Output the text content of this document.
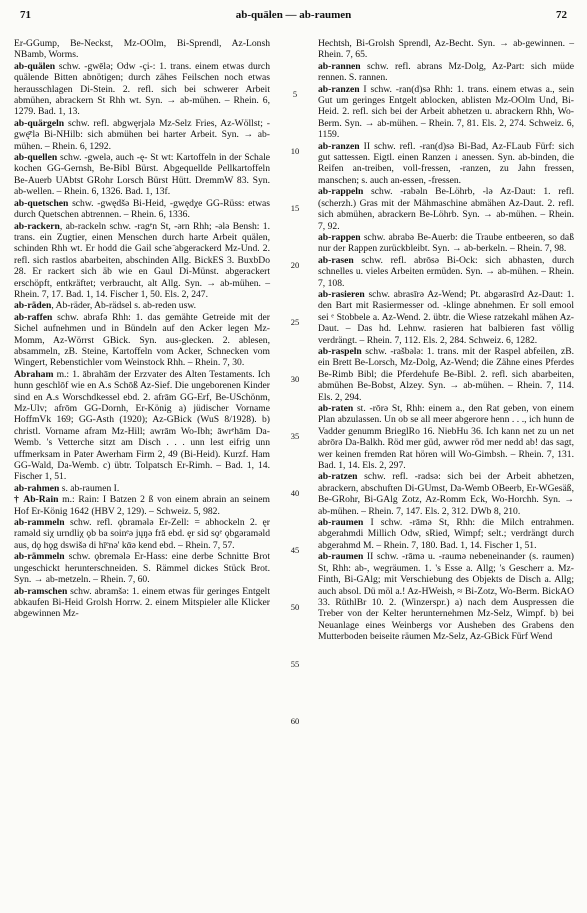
71	ab-quälen — ab-raumen	72

Er-GGump, Be-Neckst, Mz-OOlm, Bi-Sprendl, Az-Lonsh NBamb, Worms.

ab-quälen schw. -gwēlə; Odw -çi-: 1. trans. einem etwas durch quälende Bitten abnötigen; durch zähes Feilschen noch etwas herausschlagen Di-Stein. 2. refl. sich bei schwerer Arbeit abmühen, abrackern St Rhh wt. Syn. → ab-mühen. – Rhein. 6, 1279. Bad. 1, 13.

ab-quärgeln schw. refl. abgwęrjəlǝ Mz-Selz Fries, Az-Wöllst; -gwę̄ᵉlǝ Bi-NHilb: sich abmühen bei harter Arbeit. Syn. → ab-mühen. – Rhein. 6, 1292.

ab-quellen schw. -gwelǝ, auch -ę- St wt: Kartoffeln in der Schale kochen GG-Gernsh, Be-Bibl Bürst. Abgequellde Pellkartoffeln Be-Auerb UAbtst GRohr Lorsch Bürst Hütt. DremmW 83. Syn. ab-wellen. – Rhein. 6, 1326. Bad. 1, 13f.

ab-quetschen schw. -gwędšǝ Bi-Heid, -gwędχe GG-Rüss: etwas durch Quetschen abtrennen. – Rhein. 6, 1336.

ab-rackern, ab-rackeln schw. -ragᵉn St, -ǝrn Rhh; -ǝlǝ Bensh: 1. trans. ein Zugtier, einen Menschen durch harte Arbeit quälen, schinden Rhh wt. Er hodd die Gail sche ̈abgerackerd Mz-Und. 2. refl. sich rastlos abarbeiten, abschinden Allg. BickES 3. BuxbDo 28. Er rackert sich äb wie en Gaul Di-Münst. abgerackert erschöpft, entkräftet; verbraucht, alt Allg. Syn. → ab-mühen. – Rhein. 7, 17. Bad. 1, 14. Fischer 1, 50. Els. 2, 247.

ab-räden, Ab-räder, Ab-rädsel s. ab-reden usw.

ab-raffen schw. abrafǝ Rhh: 1. das gemähte Getreide mit der Sichel aufnehmen und in Bündeln auf den Acker legen Mz-Momm, Az-Wörrst GBick. Syn. aus-glecken. 2. ablesen, absammeln, zB. Steine, Kartoffeln vom Acker, Schnecken vom Wingert, Rebenstichler vom Weinstock Rhh. – Rhein. 7, 30.

Abraham m.: 1. ābrahām der Erzvater des Alten Testaments. Ich hunn geschlōf wie en A.s Schōß Az-Sief. Die ungeborenen Kinder sind en A.s Worschdkessel ebd. 2. afrām GG-Erf, Be-USchönm, Mz-Ulv; afrōm GG-Dornh, Er-König a) jüdischer Vorname HoffmVk 169; GG-Asth (1920); Az-GBick (WuS 8/1928). b) christl. Vorname afram Mz-Hill; awrām Wo-Ibh; āwrᵉhām Da-Wemb. 's Vetterche sitzt am Disch . . . unn lest eifrig unn uffmerksam in Pater Awerham Firm 2, 49 (Bi-Heid). Kurzf. Ham GG-Wald, Da-Wemb. c) übtr. Tolpatsch Er-Rimh. – Bad. 1, 14. Fischer 1, 51.

ab-rahmen s. ab-raumen I.

† Ab-Rain m.: Rain: I Batzen 2 ß von einem abrain an seinem Hof Er-König 1642 (HBV 2, 129). – Schweiz. 5, 982.

ab-rammeln schw. refl. ǫbramǝlǝ Er-Zell: = abhockeln 2. ęr ramǝld siχ urndliχ ǫb ba soinᵉǝ jųŋǝ frā ebd. ęr sid sǫᵉ ǫbgǝramǝld aus, dǫ hǫg dswišǝ di hīᵉnǝ' kᾱǝ kend ebd. – Rhein. 7, 57.

ab-rämmeln schw. ǫbremǝlǝ Er-Hass: eine derbe Schnitte Brot ungeschickt herunterschneiden. S. Rämmel dickes Stück Brot. Syn. → ab-metzeln. – Rhein. 7, 60.

ab-ramschen schw. abramšǝ: 1. einem etwas für geringes Entgelt abkaufen Bi-Heid Grolsh Horrw. 2. einem Mitspieler alle Klicker abgewinnen Mz-

5
10
15
20
25
30
35
40
45
50
55
60

Hechtsh, Bi-Grolsh Sprendl, Az-Becht. Syn. → ab-gewinnen. – Rhein. 7, 65.

ab-rannen schw. refl. abrans Mz-Dolg, Az-Part: sich müde rennen. S. rannen.

ab-ranzen I schw. -ran(d)sǝ Rhh: 1. trans. einem etwas a., sein Gut um geringes Entgelt ablocken, ablisten Mz-OOlm Und, Bi-Heid. 2. refl. sich bei der Arbeit abhetzen u. abrackern Rhh, Wo-Berm. Syn. → ab-mühen. – Rhein. 7, 81. Els. 2, 274. Schweiz. 6, 1159.

ab-ranzen II schw. refl. -ran(d)sǝ Bi-Bad, Az-FLaub Fürf: sich gut sattessen. Eigtl. einen Ranzen ↓ anessen. Syn. ab-binden, die Reifen an-treiben, voll-fressen, -ranzen, zu Jahn fressen, manschen; s. auch an-essen, -fressen.

ab-rappeln schw. -rabǝln Be-Löhrb, -lǝ Az-Daut: 1. refl. (scherzh.) Gras mit der Mähmaschine abmähen Az-Daut. 2. refl. sich abmühen, abrackern Be-Löhrb. Syn. → ab-mühen. – Rhein. 7, 92.

ab-rappen schw. abrabǝ Be-Auerb: die Traube entbeeren, so daß nur der Rappen zurückbleibt. Syn. → ab-berkeln. – Rhein. 7, 98.

ab-rasen schw. refl. abrōsǝ Bi-Ock: sich abhasten, durch schnelles u. vieles Arbeiten ermüden. Syn. → ab-mühen. – Rhein. 7, 108.

ab-rasieren schw. abrasīrǝ Az-Wend; Pt. abgǝrasīrd Az-Daut: 1. den Bart mit Rasiermesser od. -klinge abnehmen. Er soll emool sei ᵉ Stobbele a. Az-Wend. 2. übtr. die Wiese ratzekahl mähen Az-Daut. – Das hd. Lehnw. rasieren hat balbieren fast völlig verdrängt. – Rhein. 7, 112. Els. 2, 284. Schweiz. 6, 1282.

ab-raspeln schw. -rašbǝlǝ: 1. trans. mit der Raspel abfeilen, zB. ein Brett Be-Lorsch, Mz-Dolg, Az-Wend; die Zähne eines Pferdes Be-Rimb Bibl; die Pferdehufe Be-Bibl. 2. refl. sich abarbeiten, abmühen Be-Bobst, Alzey. Syn. → ab-mühen. – Rhein. 7, 114. Els. 2, 294.

ab-raten st. -rōrǝ St, Rhh: einem a., den Rat geben, von einem Plan abzulassen. Un ob se all meer abgerore henn . . ., ich hunn de Vadder genumm BrieglRo 16. NiebHu 36. Ich kann net zu un net abrōrǝ Da-Balkh. Röd mer güd, awwer röd mer nedd ab! das sagt, wer keinen fremden Rat hören will Wo-Gimbsh. – Rhein. 7, 131. Bad. 1, 14. Els. 2, 297.

ab-ratzen schw. refl. -radsǝ: sich bei der Arbeit abhetzen, abrackern, abschuften Di-GUmst, Da-Wemb OBeerb, Er-WGesäß, Be-GRohr, Bi-GAlg Zotz, Az-Romm Eck, Wo-Horchh. Syn. → ab-mühen. – Rhein. 7, 147. Els. 2, 312. DWb 8, 210.

ab-raumen I schw. -rāmǝ St, Rhh: die Milch entrahmen. abgerahmdi Millich Odw, sRied, Wimpf; selt.; verdrängt durch abgerahmd M. – Rhein. 7, 180. Bad. 1, 14. Fischer 1, 51.

ab-raumen II schw. -rāmǝ u. -raumǝ nebeneinander (s. raumen) St, Rhh: ab-, wegräumen. 1. 's Esse a. Allg; 's Gescherr a. Mz-Finth, Bi-GAlg; mit Verschiebung des Objekts de Disch a. Allg; auch absol. Dü möl a.! Az-HWeish, ≈ Bi-Zotz, Wo-Berm. BickAO 33. RüthlBr 10. 2. (Winzerspr.) a) nach dem Auspressen die Treber von der Kelter herunternehmen Mz-Selz, Wimpf. b) bei Neuanlage eines Weinbergs vor Ausheben des Grabens den Mutterboden beiseite räumen Mz-Selz, Az-GBick Fürf Wend
